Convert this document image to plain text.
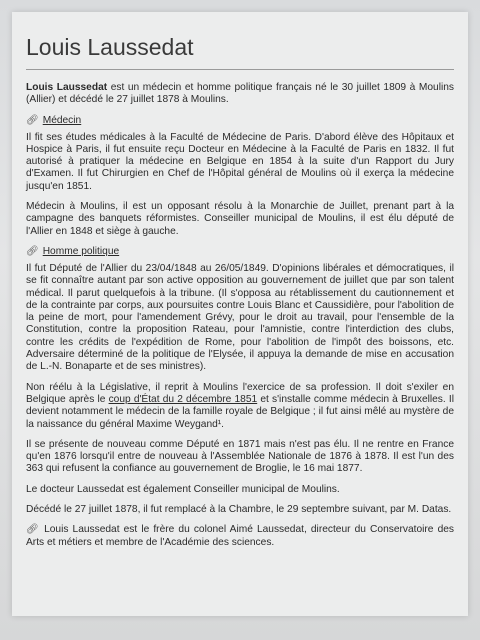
Louis Laussedat

Louis Laussedat est un médecin et homme politique français né le 30 juillet 1809 à Moulins (Allier) et décédé le 27 juillet 1878 à Moulins.

🔗︎ Médecin

Il fit ses études médicales à la Faculté de Médecine de Paris. D'abord élève des Hôpitaux et Hospice à Paris, il fut ensuite reçu Docteur en Médecine à la Faculté de Paris en 1832. Il fut autorisé à pratiquer la médecine en Belgique en 1854 à la suite d'un Rapport du Jury d'Examen. Il fut Chirurgien en Chef de l'Hôpital général de Moulins où il exerça la médecine jusqu'en 1851.

Médecin à Moulins, il est un opposant résolu à la Monarchie de Juillet, prenant part à la campagne des banquets réformistes. Conseiller municipal de Moulins, il est élu député de l'Allier en 1848 et siège à gauche.

🔗︎ Homme politique

Il fut Député de l'Allier du 23/04/1848 au 26/05/1849. D'opinions libérales et démocratiques, il se fit connaître autant par son active opposition au gouvernement de juillet que par son talent médical. Il parut quelquefois à la tribune. (Il s'opposa au rétablissement du cautionnement et de la contrainte par corps, aux poursuites contre Louis Blanc et Caussidière, pour l'abolition de la peine de mort, pour l'amendement Grévy, pour le droit au travail, pour l'ensemble de la Constitution, contre la proposition Rateau, pour l'amnistie, contre l'interdiction des clubs, contre les crédits de l'expédition de Rome, pour l'abolition de l'impôt des boissons, etc. Adversaire déterminé de la politique de l'Elysée, il appuya la demande de mise en accusation de L.-N. Bonaparte et de ses ministres).

Non réélu à la Législative, il reprit à Moulins l'exercice de sa profession. Il doit s'exiler en Belgique après le coup d'État du 2 décembre 1851 et s'installe comme médecin à Bruxelles. Il devient notamment le médecin de la famille royale de Belgique ; il fut ainsi mêlé au mystère de la naissance du général Maxime Weygand¹.

Il se présente de nouveau comme Député en 1871 mais n'est pas élu. Il ne rentre en France qu'en 1876 lorsqu'il entre de nouveau à l'Assemblée Nationale de 1876 à 1878. Il est l'un des 363 qui refusent la confiance au gouvernement de Broglie, le 16 mai 1877.

Le docteur Laussedat est également Conseiller municipal de Moulins.

Décédé le 27 juillet 1878, il fut remplacé à la Chambre, le 29 septembre suivant, par M. Datas.

🔗︎ Louis Laussedat est le frère du colonel Aimé Laussedat, directeur du Conservatoire des Arts et métiers et membre de l'Académie des sciences.
